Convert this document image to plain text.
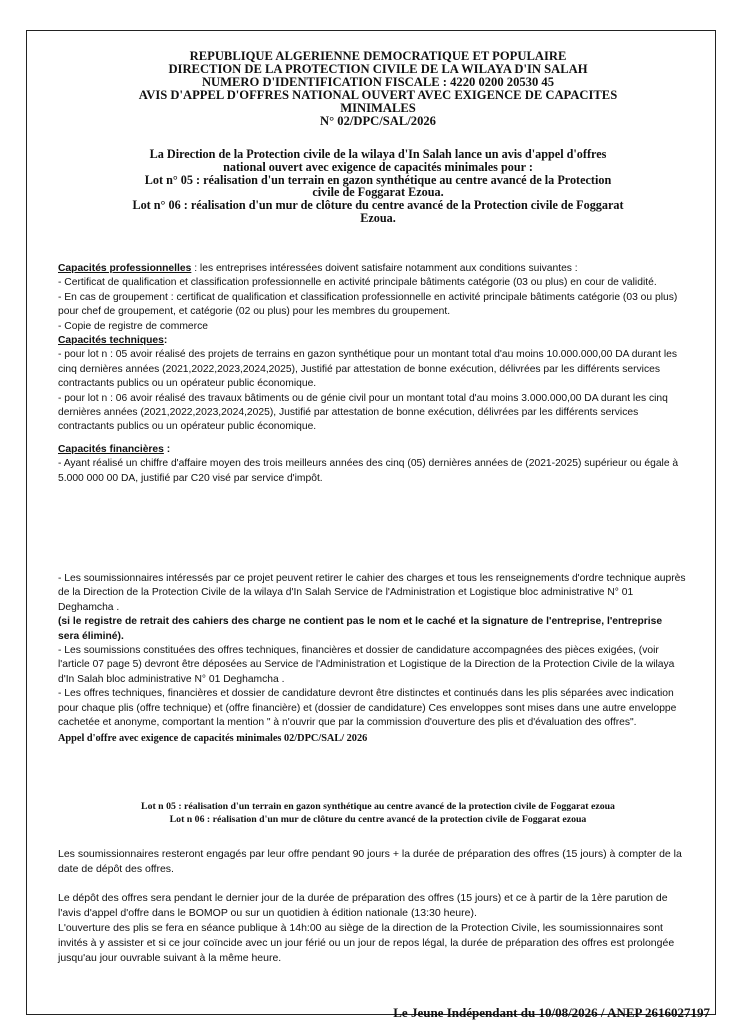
REPUBLIQUE ALGERIENNE DEMOCRATIQUE ET POPULAIRE
DIRECTION DE LA PROTECTION CIVILE DE LA WILAYA D'IN SALAH
NUMERO D'IDENTIFICATION FISCALE : 4220 0200 20530 45
AVIS D'APPEL D'OFFRES NATIONAL OUVERT AVEC EXIGENCE DE CAPACITES
MINIMALES
N° 02/DPC/SAL/2026
La Direction de la Protection civile de la wilaya d'In Salah lance un avis d'appel d'offres
national ouvert avec exigence de capacités minimales pour :
Lot n° 05 : réalisation d'un terrain en gazon synthétique au centre avancé de la Protection
civile de Foggarat Ezoua.
Lot n° 06 : réalisation d'un mur de clôture du centre avancé de la Protection civile de Foggarat
Ezoua.

Capacités professionnelles : les entreprises intéressées doivent satisfaire notamment aux conditions suivantes :

- Certificat de qualification et classification professionnelle en activité principale bâtiments catégorie (03 ou plus) en cour de validité.

- En cas de groupement : certificat de qualification et classification professionnelle en activité principale bâtiments catégorie (03 ou plus) pour chef de groupement, et catégorie (02 ou plus) pour les membres du groupement.

- Copie de registre de commerce

Capacités techniques:

- pour lot n : 05 avoir réalisé des projets de terrains en gazon synthétique pour un montant total d'au moins 10.000.000,00 DA durant les cinq dernières années (2021,2022,2023,2024,2025), Justifié par attestation de bonne exécution, délivrées par les différents services contractants publics ou un opérateur public économique.

- pour lot n : 06 avoir réalisé des travaux bâtiments ou de génie civil pour un montant total d'au moins 3.000.000,00 DA durant les cinq dernières années (2021,2022,2023,2024,2025), Justifié par attestation de bonne exécution, délivrées par les différents services contractants publics ou un opérateur public économique.

Capacités financières :

- Ayant réalisé un chiffre d'affaire moyen des trois meilleurs années des cinq (05) dernières années de (2021-2025) supérieur ou égale à 5.000 000 00 DA, justifié par C20 visé par service d'impôt.

- Les soumissionnaires intéressés par ce projet peuvent retirer le cahier des charges et tous les renseignements d'ordre technique auprès de la Direction de la Protection Civile de la wilaya d'In Salah Service de l'Administration et Logistique bloc administrative N° 01 Deghamcha .

(si le registre de retrait des cahiers des charge ne contient pas le nom et le caché et la signature de l'entreprise, l'entreprise sera éliminé).

- Les soumissions constituées des offres techniques, financières et dossier de candidature accompagnées des pièces exigées, (voir l'article 07 page 5) devront être déposées au Service de l'Administration et Logistique de la Direction de la Protection Civile de la wilaya d'In Salah bloc administrative N° 01 Deghamcha .

- Les offres techniques, financières et dossier de candidature devront être distinctes et continués dans les plis séparées avec indication pour chaque plis (offre technique) et (offre financière) et (dossier de candidature) Ces enveloppes sont mises dans une autre enveloppe cachetée et anonyme, comportant la mention " à n'ouvrir que par la commission d'ouverture des plis et d'évaluation des offres".

Appel d'offre avec exigence de capacités minimales 02/DPC/SAL/ 2026

Lot n 05 : réalisation d'un terrain en gazon synthétique au centre avancé de la protection civile de Foggarat ezoua
Lot n 06 : réalisation d'un mur de clôture du centre avancé de la protection civile de Foggarat ezoua

Les soumissionnaires resteront engagés par leur offre pendant 90 jours + la durée de préparation des offres (15 jours) à compter de la date de dépôt des offres.

Le dépôt des offres sera pendant le dernier jour de la durée de préparation des offres (15 jours) et ce à partir de la 1ère parution de l'avis d'appel d'offre dans le BOMOP ou sur un quotidien à édition nationale (13:30 heure).

L'ouverture des plis se fera en séance publique à 14h:00 au siège de la direction de la Protection Civile, les soumissionnaires sont invités à y assister et si ce jour coïncide avec un jour férié ou un jour de repos légal, la durée de préparation des offres est prolongée jusqu'au jour ouvrable suivant à la même heure.

Le Jeune Indépendant du 10/08/2026 / ANEP 2616027197
